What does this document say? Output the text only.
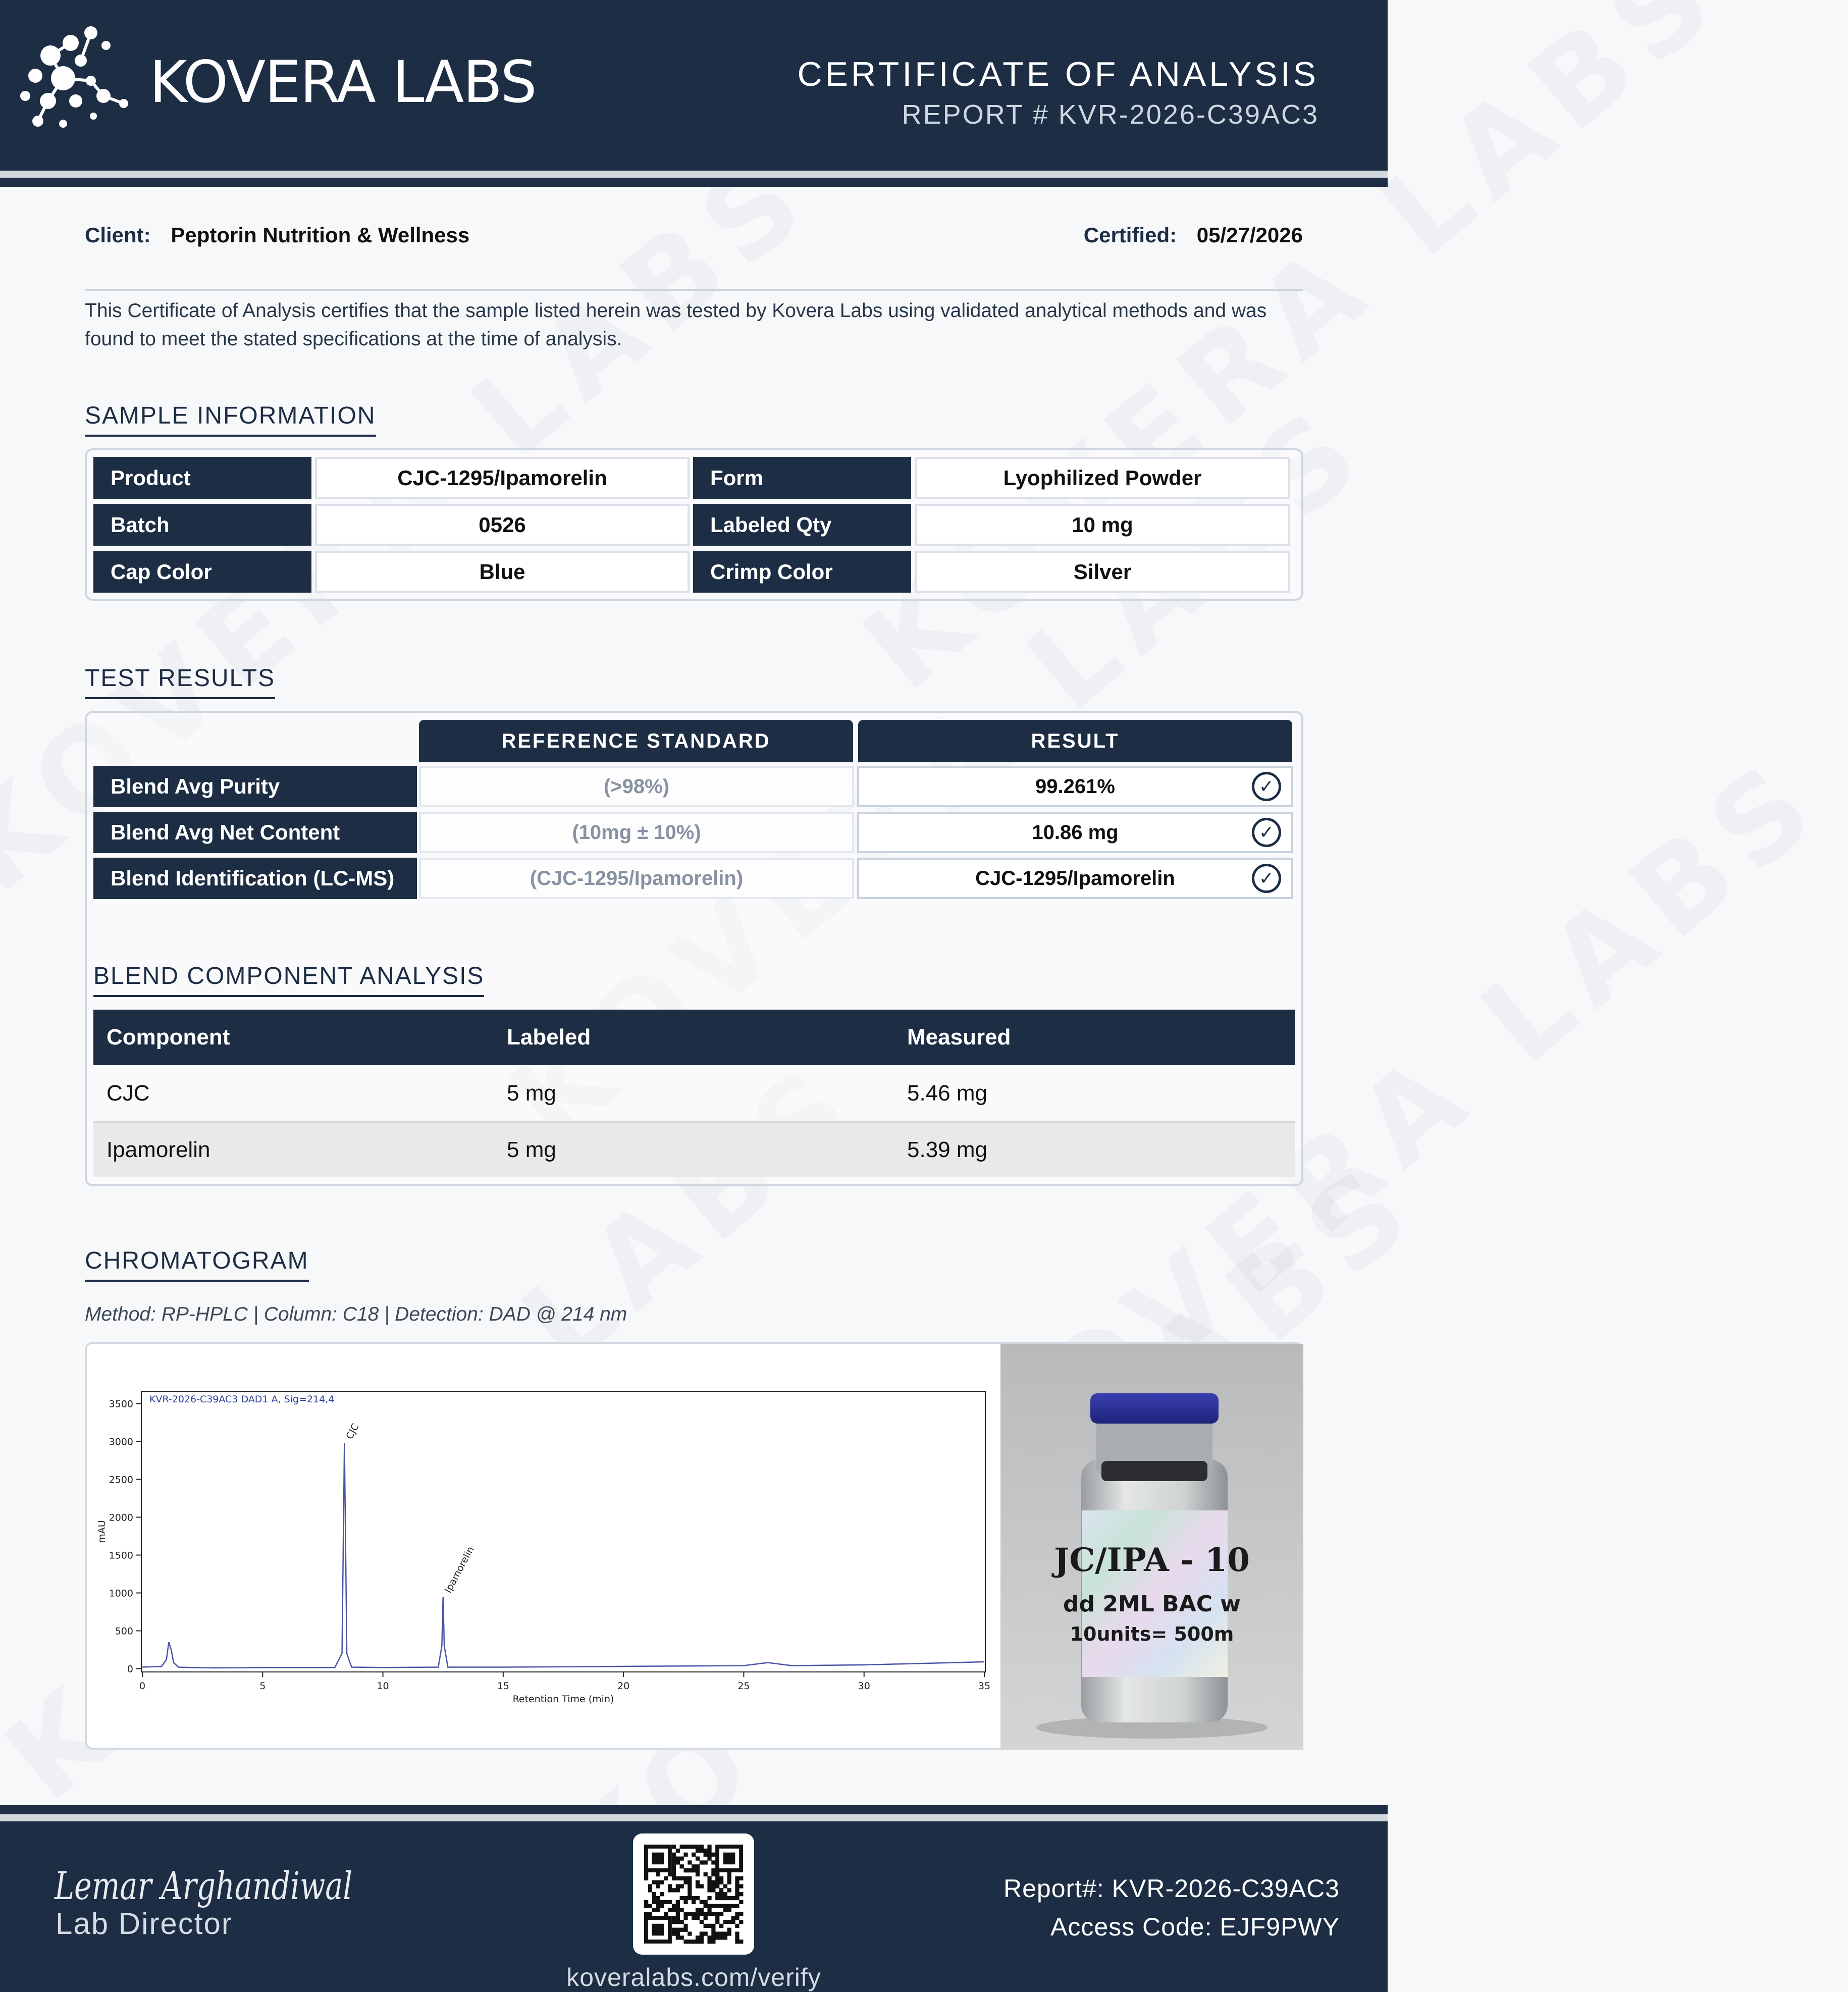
KOVERA LABS	CERTIFICATE OF ANALYSIS
REPORT # KVR-2026-C39AC3
Client: Peptorin Nutrition & Wellness	Certified: 05/27/2026
This Certificate of Analysis certifies that the sample listed herein was tested by Kovera Labs using validated analytical methods and was found to meet the stated specifications at the time of analysis.
SAMPLE INFORMATION
Product	CJC-1295/Ipamorelin	Form	Lyophilized Powder
Batch	0526	Labeled Qty	10 mg
Cap Color	Blue	Crimp Color	Silver
TEST RESULTS
REFERENCE STANDARD	RESULT
Blend Avg Purity	(>98%)	99.261%	✓
Blend Avg Net Content	(10mg ± 10%)	10.86 mg	✓
Blend Identification (LC-MS)	(CJC-1295/Ipamorelin)	CJC-1295/Ipamorelin	✓
BLEND COMPONENT ANALYSIS
Component	Labeled	Measured
CJC	5 mg	5.46 mg
Ipamorelin	5 mg	5.39 mg
CHROMATOGRAM
Method: RP-HPLC | Column: C18 | Detection: DAD @ 214 nm
KVR-2026-C39AC3 DAD1 A, Sig=214,4
Retention Time (min)
mAU
0	5	10	15	20	25	30	35
0
500
1000
1500
2000
2500
3000
3500
CJC
Ipamorelin	JC/IPA - 10
dd 2ML BAC w
10units= 500m
Lemar Arghandiwal
Lab Director
koveralabs.com/verify
Report#: KVR-2026-C39AC3
Access Code: EJF9PWY
